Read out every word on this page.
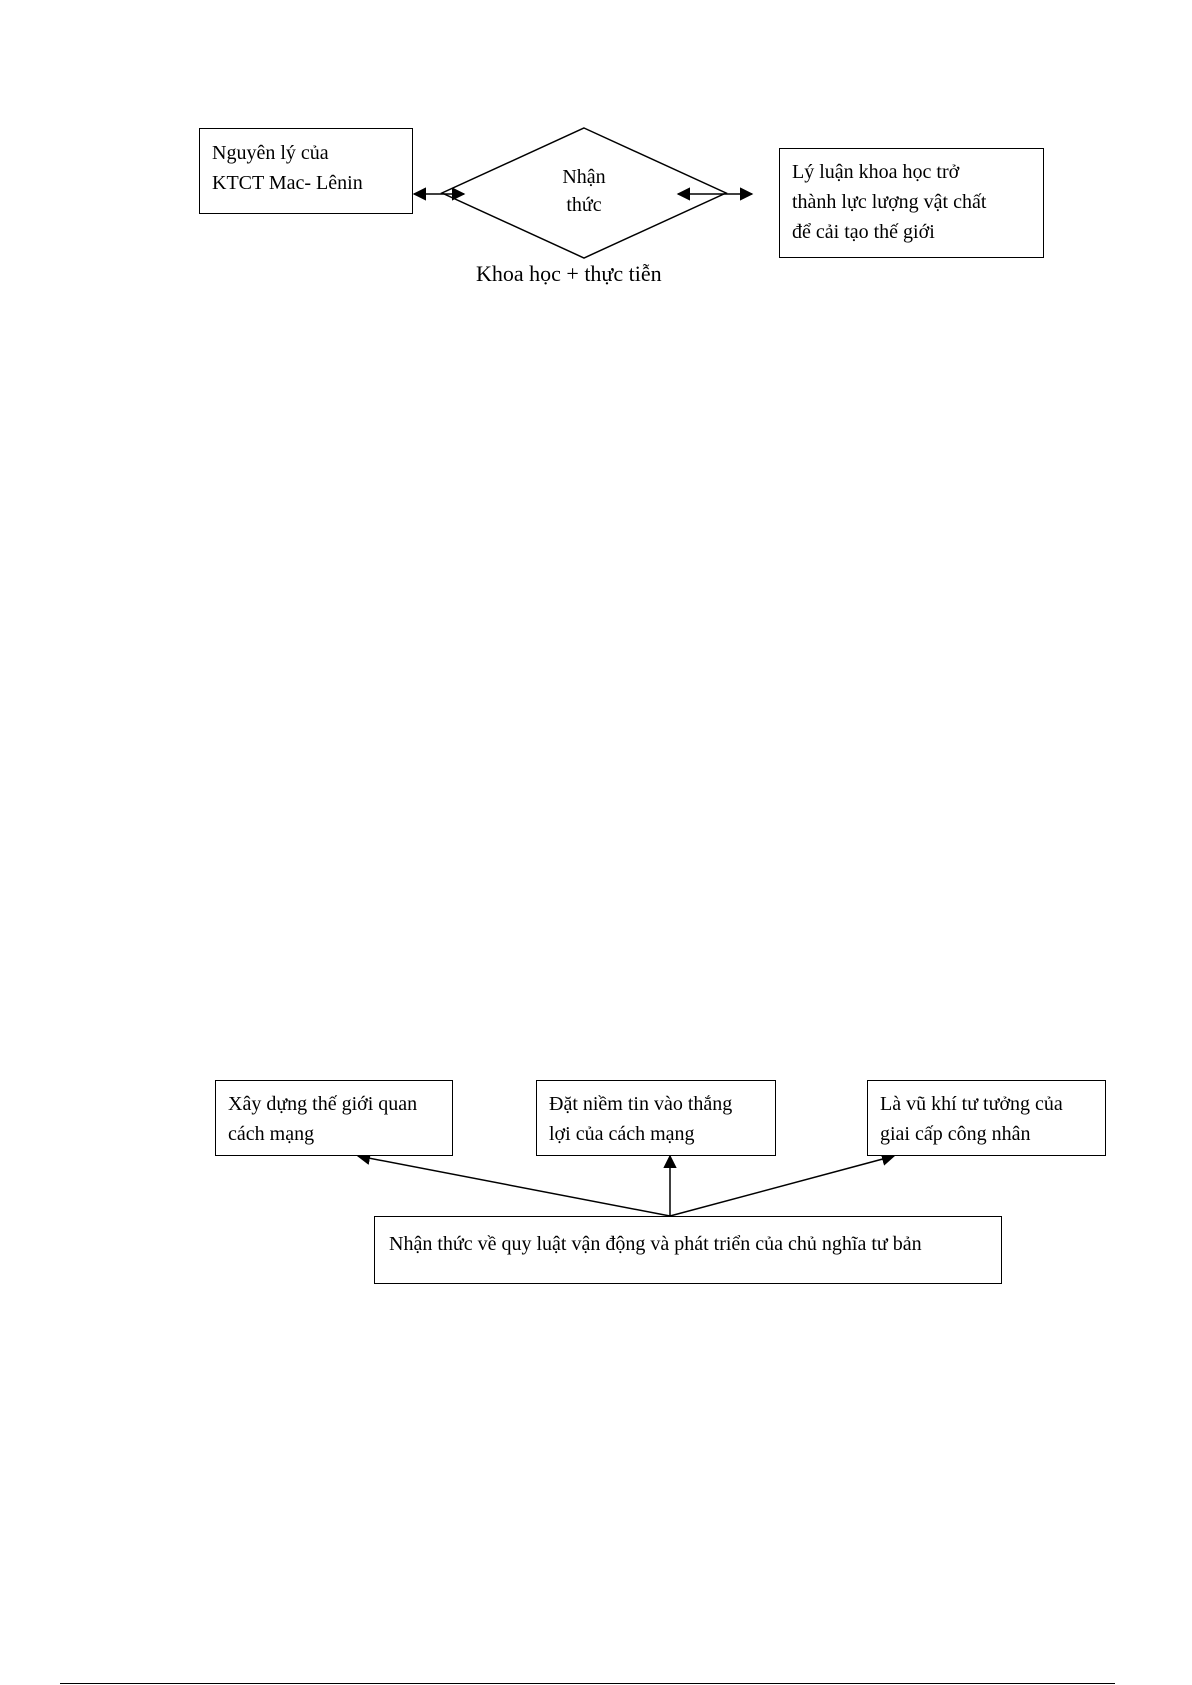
Nguyên lý của
KTCT Mac- Lênin	Nhận
thức
Khoa học + thực tiễn
Lý luận khoa học trở
thành lực lượng vật chất
để cải tạo thế giới
Xây dựng thế giới quan
cách mạng
Đặt niềm tin vào thắng
lợi của cách mạng
Là vũ khí tư tưởng của
giai cấp công nhân
Nhận thức về quy luật vận động và phát triển của chủ nghĩa tư bản
